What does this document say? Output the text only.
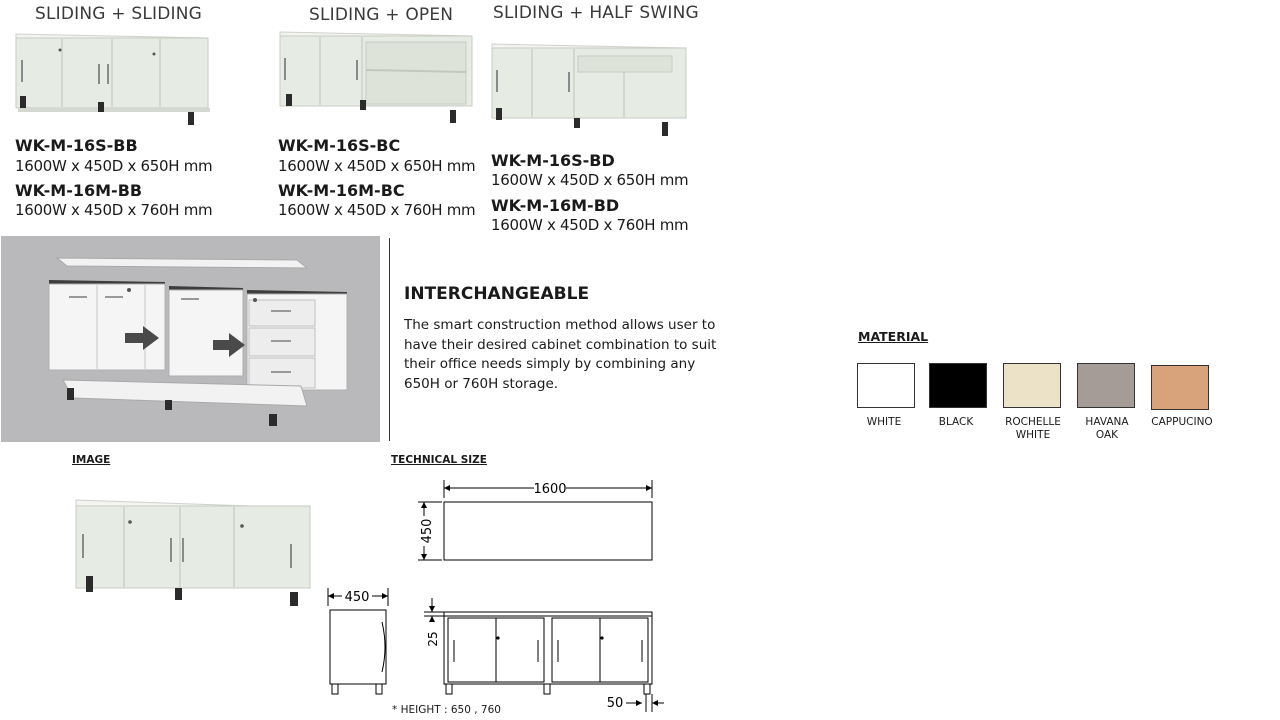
SLIDING + SLIDING	SLIDING + OPEN SLIDING + HALF SWING
WK-M-16S-BB
1600W x 450D x 650H mm
WK-M-16M-BB
1600W x 450D x 760H mm
WK-M-16S-BC
1600W x 450D x 650H mm
WK-M-16M-BC
1600W x 450D x 760H mm
WK-M-16S-BD
1600W x 450D x 650H mm
WK-M-16M-BD
1600W x 450D x 760H mm
INTERCHANGEABLE
The smart construction method allows user to have their desired cabinet combination to suit their office needs simply by combining any 650H or 760H storage.
MATERIAL
WHITE	BLACK	ROCHELLE
WHITE
HAVANA
OAK
CAPPUCINO
IMAGE	TECHNICAL SIZE
1600
450
450
25
50
* HEIGHT : 650 , 760
